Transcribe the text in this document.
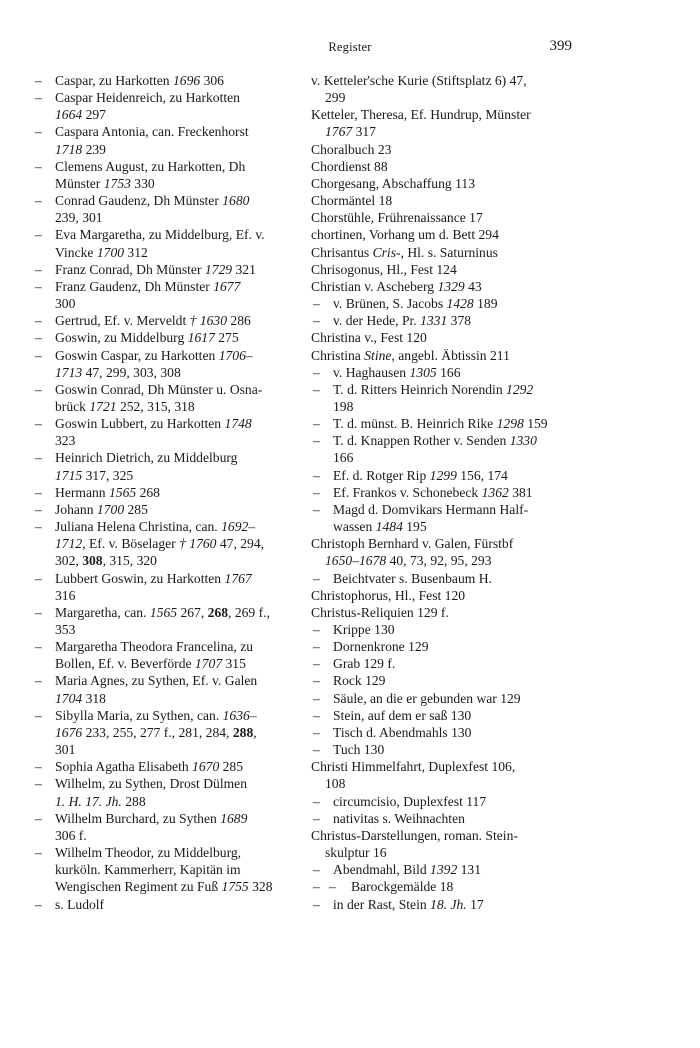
Register	399
– Caspar, zu Harkotten 1696 306
– Caspar Heidenreich, zu Harkotten
1664 297
– Caspara Antonia, can. Freckenhorst
1718 239
– Clemens August, zu Harkotten, Dh
Münster 1753 330
– Conrad Gaudenz, Dh Münster 1680
239, 301
– Eva Margaretha, zu Middelburg, Ef. v.
Vincke 1700 312
– Franz Conrad, Dh Münster 1729 321
– Franz Gaudenz, Dh Münster 1677
300
– Gertrud, Ef. v. Merveldt † 1630 286
– Goswin, zu Middelburg 1617 275
– Goswin Caspar, zu Harkotten 1706–
1713 47, 299, 303, 308
– Goswin Conrad, Dh Münster u. Osna-
brück 1721 252, 315, 318
– Goswin Lubbert, zu Harkotten 1748
323
– Heinrich Dietrich, zu Middelburg
1715 317, 325
– Hermann 1565 268
– Johann 1700 285
– Juliana Helena Christina, can. 1692–
1712, Ef. v. Böselager † 1760 47, 294,
302, 308, 315, 320
– Lubbert Goswin, zu Harkotten 1767
316
– Margaretha, can. 1565 267, 268, 269 f.,
353
– Margaretha Theodora Francelina, zu
Bollen, Ef. v. Beverförde 1707 315
– Maria Agnes, zu Sythen, Ef. v. Galen
1704 318
– Sibylla Maria, zu Sythen, can. 1636–
1676 233, 255, 277 f., 281, 284, 288,
301
– Sophia Agatha Elisabeth 1670 285
– Wilhelm, zu Sythen, Drost Dülmen
1. H. 17. Jh. 288
– Wilhelm Burchard, zu Sythen 1689
306 f.
– Wilhelm Theodor, zu Middelburg,
kurköln. Kammerherr, Kapitän im
Wengischen Regiment zu Fuß 1755 328
– s. Ludolf
v. Ketteler'sche Kurie (Stiftsplatz 6) 47,
299
Ketteler, Theresa, Ef. Hundrup, Münster
1767 317
Choralbuch 23
Chordienst 88
Chorgesang, Abschaffung 113
Chormäntel 18
Chorstühle, Frührenaissance 17
chortinen, Vorhang um d. Bett 294
Chrisantus Cris-, Hl. s. Saturninus
Chrisogonus, Hl., Fest 124
Christian v. Ascheberg 1329 43
– v. Brünen, S. Jacobs 1428 189
– v. der Hede, Pr. 1331 378
Christina v., Fest 120
Christina Stine, angebl. Äbtissin 211
– v. Haghausen 1305 166
– T. d. Ritters Heinrich Norendin 1292
198
– T. d. münst. B. Heinrich Rike 1298 159
– T. d. Knappen Rother v. Senden 1330
166
– Ef. d. Rotger Rip 1299 156, 174
– Ef. Frankos v. Schonebeck 1362 381
– Magd d. Domvikars Hermann Half-
wassen 1484 195
Christoph Bernhard v. Galen, Fürstbf
1650–1678 40, 73, 92, 95, 293
– Beichtvater s. Busenbaum H.
Christophorus, Hl., Fest 120
Christus-Reliquien 129 f.
– Krippe 130
– Dornenkrone 129
– Grab 129 f.
– Rock 129
– Säule, an die er gebunden war 129
– Stein, auf dem er saß 130
– Tisch d. Abendmahls 130
– Tuch 130
Christi Himmelfahrt, Duplexfest 106,
108
– circumcisio, Duplexfest 117
– nativitas s. Weihnachten
Christus-Darstellungen, roman. Stein-
skulptur 16
– Abendmahl, Bild 1392 131
– – Barockgemälde 18
– in der Rast, Stein 18. Jh. 17
